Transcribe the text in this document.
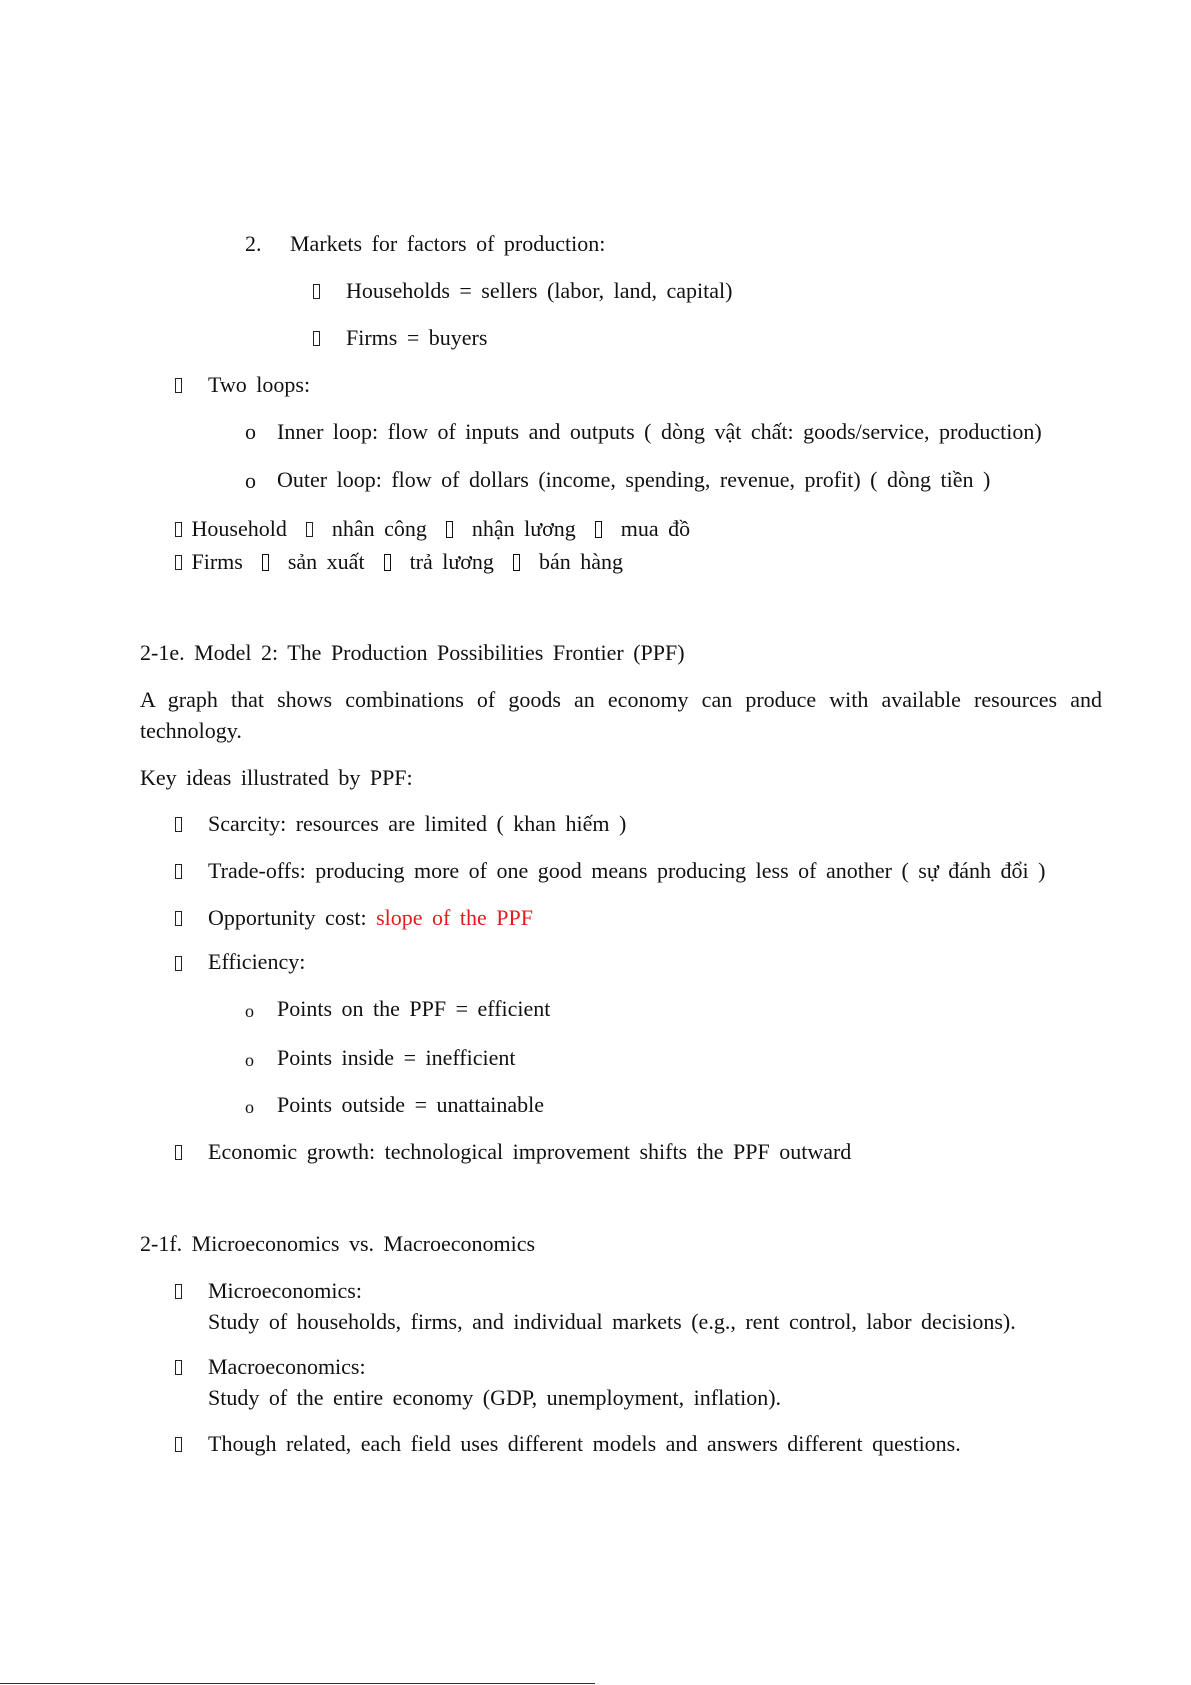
2. Markets for factors of production:
Households = sellers (labor, land, capital)
Firms = buyers
Two loops:
o Inner loop: flow of inputs and outputs ( dòng vật chất: goods/service, production)
o Outer loop: flow of dollars (income, spending, revenue, profit) ( dòng tiền )
Household nhân công nhận lương mua đồ
Firms sản xuất trả lương bán hàng
2-1e. Model 2: The Production Possibilities Frontier (PPF)
A graph that shows combinations of goods an economy can produce with available resources and technology.
Key ideas illustrated by PPF:
Scarcity: resources are limited ( khan hiếm )
Trade-offs: producing more of one good means producing less of another ( sự đánh đổi )
Opportunity cost: slope of the PPF
Efficiency:
o Points on the PPF = efficient
o Points inside = inefficient
o Points outside = unattainable
Economic growth: technological improvement shifts the PPF outward
2-1f. Microeconomics vs. Macroeconomics
Microeconomics:
Study of households, firms, and individual markets (e.g., rent control, labor decisions).
Macroeconomics:
Study of the entire economy (GDP, unemployment, inflation).
Though related, each field uses different models and answers different questions.
